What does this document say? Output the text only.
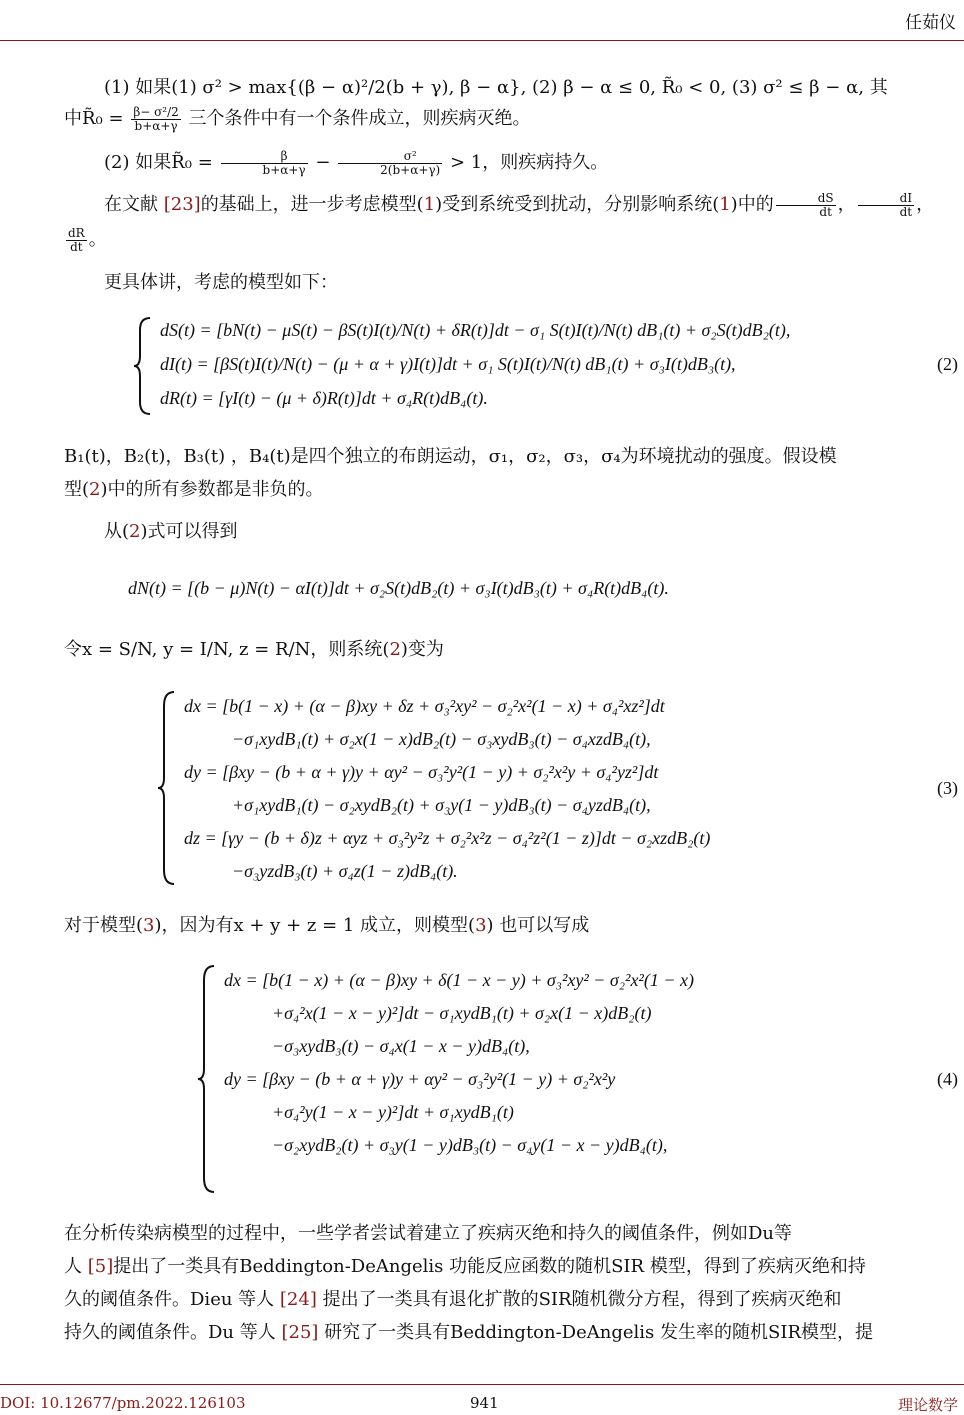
任茹仪
(1) 如果(1) σ² > max{(β − α)²/2(b + γ), β − α}, (2) β − α ≤ 0, R̃₀ < 0, (3) σ² ≤ β − α, 其
中R̃₀ = $\frac{\text{β− σ²/2}}{b+\alpha+\gamma}$ 三个条件中有一个条件成立，则疾病灭绝。
(2) 如果R̃₀ = $\frac{\beta}{b+\alpha+\gamma} - \frac{\text{σ²}}{2(b+\alpha+\gamma)} > 1$，则疾病持久。
在文献 [23]的基础上，进一步考虑模型(1)受到系统受到扰动，分别影响系统(1)中的 $\frac{dS}{dt}$ ， $\frac{dI}{dt}$ ，
$\frac{dR}{dt}$ 。
更具体讲，考虑的模型如下：
dS(t) = [bN(t) − μS(t) − βS(t)I(t)/N(t) + δR(t)]dt − σ₁ S(t)I(t)/N(t) dB₁(t) + σ₂S(t)dB₂(t),
dI(t) = [βS(t)I(t)/N(t) − (μ + α + γ)I(t)]dt + σ₁ S(t)I(t)/N(t) dB₁(t) + σ₃I(t)dB₃(t),
dR(t) = [γI(t) − (μ + δ)R(t)]dt + σ₄R(t)dB₄(t).
(2)
B₁(t)，B₂(t)，B₃(t) ，B₄(t)是四个独立的布朗运动，σ₁，σ₂，σ₃，σ₄为环境扰动的强度。假设模
型(2)中的所有参数都是非负的。
从(2)式可以得到
dN(t) = [(b − μ)N(t) − αI(t)]dt + σ₂S(t)dB₂(t) + σ₃I(t)dB₃(t) + σ₄R(t)dB₄(t).
令x = S/N, y = I/N, z = R/N，则系统(2)变为
dx = [b(1 − x) + (α − β)xy + δz + σ₃²xy² − σ₂²x²(1 − x) + σ₄²xz²]dt
−σ₁xydB₁(t) + σ₂x(1 − x)dB₂(t) − σ₃xydB₃(t) − σ₄xzdB₄(t),
dy = [βxy − (b + α + γ)y + αy² − σ₃²y²(1 − y) + σ₂²x²y + σ₄²yz²]dt
+σ₁xydB₁(t) − σ₂xydB₂(t) + σ₃y(1 − y)dB₃(t) − σ₄yzdB₄(t),
dz = [γy − (b + δ)z + αyz + σ₃²y²z + σ₂²x²z − σ₄²z²(1 − z)]dt − σ₂xzdB₂(t)
−σ₃yzdB₃(t) + σ₄z(1 − z)dB₄(t).
(3)
对于模型(3)，因为有x + y + z = 1 成立，则模型(3) 也可以写成
dx = [b(1 − x) + (α − β)xy + δ(1 − x − y) + σ₃²xy² − σ₂²x²(1 − x)
+σ₄²x(1 − x − y)²]dt − σ₁xydB₁(t) + σ₂x(1 − x)dB₂(t)
−σ₃xydB₃(t) − σ₄x(1 − x − y)dB₄(t),
dy = [βxy − (b + α + γ)y + αy² − σ₃²y²(1 − y) + σ₂²x²y
+σ₄²y(1 − x − y)²]dt + σ₁xydB₁(t)
−σ₂xydB₂(t) + σ₃y(1 − y)dB₃(t) − σ₄y(1 − x − y)dB₄(t),
(4)
在分析传染病模型的过程中，一些学者尝试着建立了疾病灭绝和持久的阈值条件，例如Du等
人 [5]提出了一类具有Beddington-DeAngelis 功能反应函数的随机SIR 模型，得到了疾病灭绝和持
久的阈值条件。Dieu 等人 [24] 提出了一类具有退化扩散的SIR随机微分方程，得到了疾病灭绝和
持久的阈值条件。Du 等人 [25] 研究了一类具有Beddington-DeAngelis 发生率的随机SIR模型，提
DOI: 10.12677/pm.2022.126103	941	理论数学
